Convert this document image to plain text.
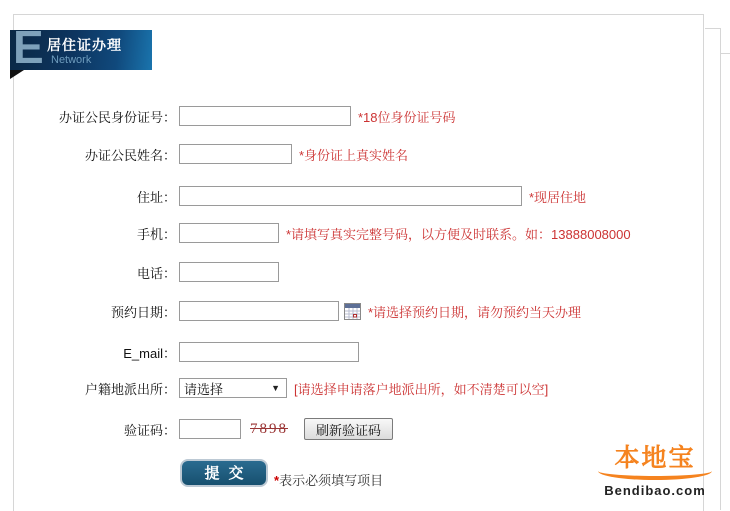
E 居住证办理
Network
办证公民身份证号：	*18位身份证号码
办证公民姓名：	*身份证上真实姓名
住址：	*现居住地
手机：	*请填写真实完整号码，以方便及时联系。如：13888008000
电话：
预约日期：	*请选择预约日期，请勿预约当天办理
E_mail：
户籍地派出所： 请选择	▼ [请选择申请落户地派出所，如不清楚可以空]
验证码：	7898	刷新验证码
提交	*表示必须填写项目
本地宝
Bendibao.com
